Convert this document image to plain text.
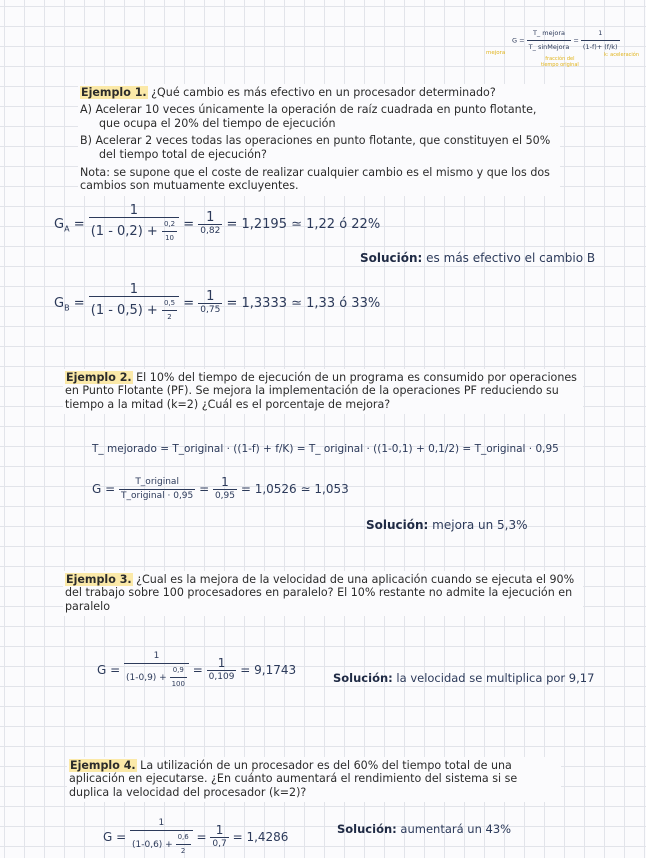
$G = \frac{\text{T\_ mejora}}{\text{T\_ sinMejora}} = \frac{1}{(1-f)+ (f/k)}$
mejora
fracción del
tiempo original
k: aceleración

Ejemplo 1. ¿Qué cambio es más efectivo en un procesador determinado?

A) Acelerar 10 veces únicamente la operación de raíz cuadrada en punto flotante, que ocupa el 20% del tiempo de ejecución

B) Acelerar 2 veces todas las operaciones en punto flotante, que constituyen el 50% del tiempo total de ejecución?

Nota: se supone que el coste de realizar cualquier cambio es el mismo y que los dos cambios son mutuamente excluyentes.

$G_A = \frac{1}{(1 - 0,2) + \frac{0,2}{10}} = \frac{1}{0,82} = 1,2195$ ≃ 1,22 ó 22%
Solución: es más efectivo el cambio B
$G_B = \frac{1}{(1 - 0,5) + \frac{0,5}{2}} = \frac{1}{0,75} = 1,3333$ ≃ 1,33 ó 33%

Ejemplo 2. El 10% del tiempo de ejecución de un programa es consumido por operaciones en Punto Flotante (PF). Se mejora la implementación de la operaciones PF reduciendo su tiempo a la mitad (k=2) ¿Cuál es el porcentaje de mejora?

T_ mejorado = T_original · ((1-f) + f/K) = T_ original · ((1-0,1) + 0,1/2) = T_original · 0,95
$G = \frac{\text{T\_original}}{\text{T\_original · 0,95}} = \frac{1}{0,95} = 1,0526$ ≃ 1,053
Solución: mejora un 5,3%

Ejemplo 3. ¿Cual es la mejora de la velocidad de una aplicación cuando se ejecuta el 90% del trabajo sobre 100 procesadores en paralelo? El 10% restante no admite la ejecución en paralelo

$G = \frac{1}{(1-0,9) + \frac{0,9}{100}} = \frac{1}{0,109} = 9,1743$
Solución: la velocidad se multiplica por 9,17

Ejemplo 4. La utilización de un procesador es del 60% del tiempo total de una aplicación en ejecutarse. ¿En cuánto aumentará el rendimiento del sistema si se duplica la velocidad del procesador (k=2)?

$G = \frac{1}{(1-0,6) + \frac{0,6}{2}} = \frac{1}{0,7} = 1,4286$
Solución: aumentará un 43%
